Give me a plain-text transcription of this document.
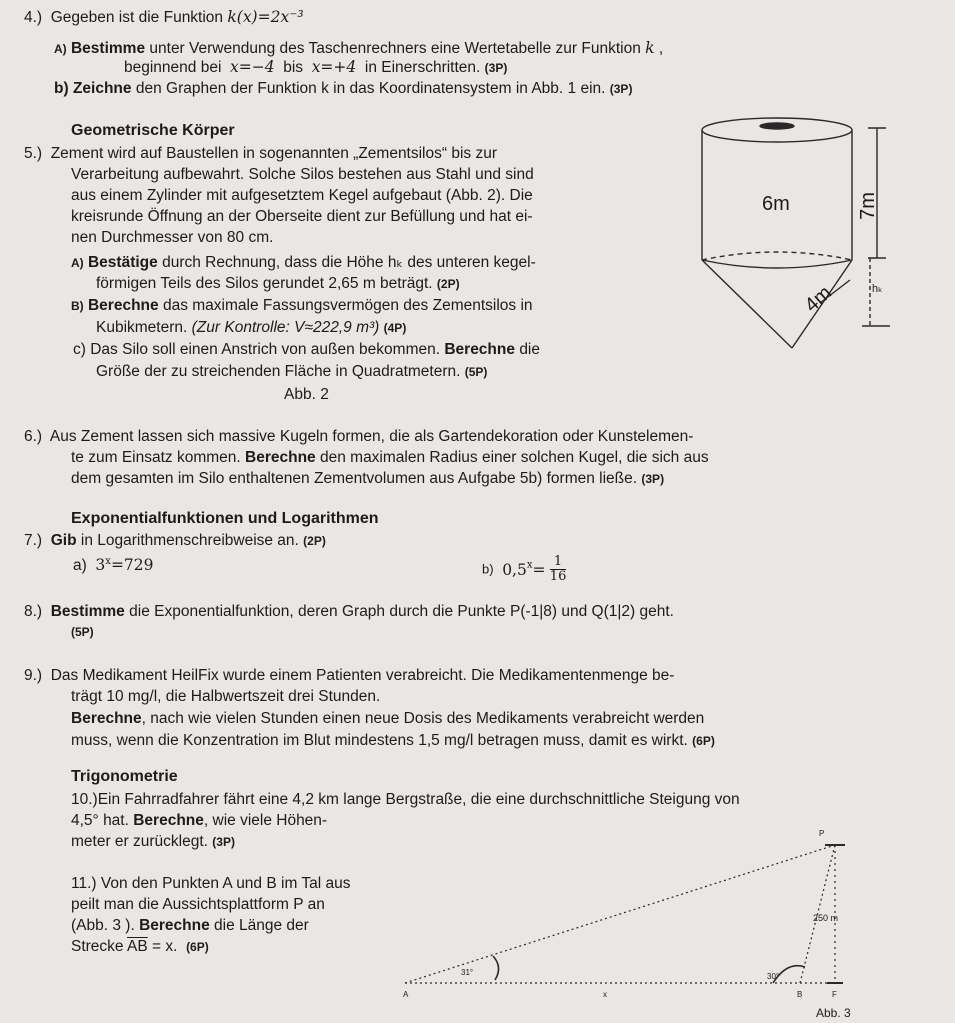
4.) Gegeben ist die Funktion k(x)=2x⁻³
A) Bestimme unter Verwendung des Taschenrechners eine Wertetabelle zur Funktion k ,
beginnend bei x=−4 bis x=+4 in Einerschritten. (3P)
b) Zeichne den Graphen der Funktion k in das Koordinatensystem in Abb. 1 ein. (3P)
Geometrische Körper
5.) Zement wird auf Baustellen in sogenannten „Zementsilos“ bis zur
Verarbeitung aufbewahrt. Solche Silos bestehen aus Stahl und sind
aus einem Zylinder mit aufgesetztem Kegel aufgebaut (Abb. 2). Die
kreisrunde Öffnung an der Oberseite dient zur Befüllung und hat ei-
nen Durchmesser von 80 cm.
A) Bestätige durch Rechnung, dass die Höhe hₖ des unteren kegel-
förmigen Teils des Silos gerundet 2,65 m beträgt. (2P)
B) Berechne das maximale Fassungsvermögen des Zementsilos in
Kubikmetern. (Zur Kontrolle: V≈222,9 m³) (4P)
c) Das Silo soll einen Anstrich von außen bekommen. Berechne die
Größe der zu streichenden Fläche in Quadratmetern. (5P)
Abb. 2
6m	7m
4m	hₖ
6.) Aus Zement lassen sich massive Kugeln formen, die als Gartendekoration oder Kunstelemen-
te zum Einsatz kommen. Berechne den maximalen Radius einer solchen Kugel, die sich aus
dem gesamten im Silo enthaltenen Zementvolumen aus Aufgabe 5b) formen ließe. (3P)
Exponentialfunktionen und Logarithmen
7.) Gib in Logarithmenschreibweise an. (2P)
a) $3^x=729$	b) $0,5^x= \frac{1}{16}$
8.) Bestimme die Exponentialfunktion, deren Graph durch die Punkte P(-1|8) und Q(1|2) geht.
(5P)
9.) Das Medikament HeilFix wurde einem Patienten verabreicht. Die Medikamentenmenge be-
trägt 10 mg/l, die Halbwertszeit drei Stunden.
Berechne, nach wie vielen Stunden einen neue Dosis des Medikaments verabreicht werden
muss, wenn die Konzentration im Blut mindestens 1,5 mg/l betragen muss, damit es wirkt. (6P)
Trigonometrie
10.)Ein Fahrradfahrer fährt eine 4,2 km lange Bergstraße, die eine durchschnittliche Steigung von
4,5° hat. Berechne, wie viele Höhen-
meter er zurücklegt. (3P)
11.) Von den Punkten A und B im Tal aus
peilt man die Aussichtsplattform P an
(Abb. 3 ). Berechne die Länge der
Strecke $\overline{AB} = x$. (6P)
P
250 m
31°	30°
A	x	B	F
Abb. 3
